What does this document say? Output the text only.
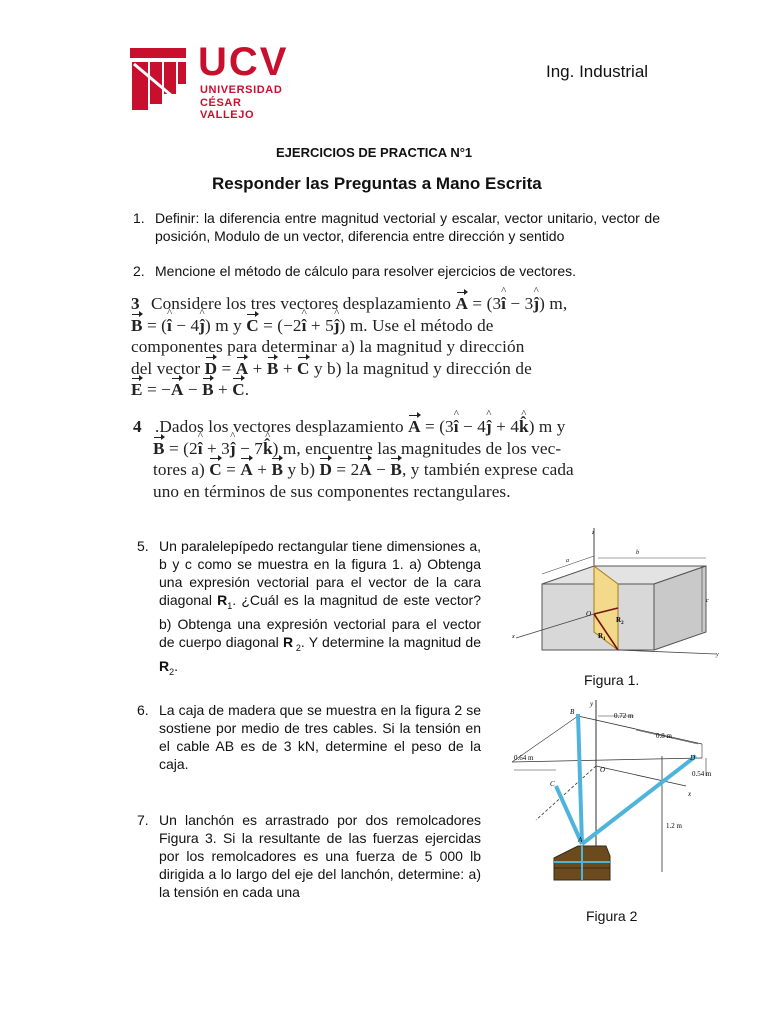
UCV
UNIVERSIDAD
CÉSAR VALLEJO
Ing. Industrial
EJERCICIOS DE PRACTICA N°1
Responder las Preguntas a Mano Escrita
1. Definir: la diferencia entre magnitud vectorial y escalar, vector unitario, vector de posición, Modulo de un vector, diferencia entre dirección y sentido
2. Mencione el método de cálculo para resolver ejercicios de vectores.
3 Considere los tres vectores desplazamiento A = (3^ î − 3^ ĵ) m,
B = (^ î − 4^ ĵ) m y C = (−2^ î + 5^ ĵ) m. Use el método de
componentes para determinar a) la magnitud y dirección
del vector D = A + B + C y b) la magnitud y dirección de
E = −A − B + C.
4 .Dados los vectores desplazamiento A = (3^ î − 4^ ĵ + 4^ k̂) m y
B = (2^ î + 3^ ĵ − 7^ k̂) m, encuentre las magnitudes de los vec-
tores a) C = A + B y b) D = 2A − B, y también exprese cada
uno en términos de sus componentes rectangulares.
5. Un paralelepípedo rectangular tiene dimensiones a, b y c como se muestra en la figura 1. a) Obtenga una expresión vectorial para el vector de la cara diagonal $R_1$. ¿Cuál es la magnitud de este vector? b) Obtenga una expresión vectorial para el vector de cuerpo diagonal R $_2$. Y determine la magnitud de $R_2$.
z
a
b
c
x
y
O
$R_2$
$R_1$
Figura 1.
6. La caja de madera que se muestra en la figura 2 se sostiene por medio de tres cables. Si la tensión en el cable AB es de 3 kN, determine el peso de la caja.
7. Un lanchón es arrastrado por dos remolcadores Figura 3. Si la resultante de las fuerzas ejercidas por los remolcadores es una fuerza de 5 000 lb dirigida a lo largo del eje del lanchón, determine: a) la tensión en cada una
y
B	0.72 m
0.8 m
0.64 m
O
D
0.54 m
C
x
1.2 m
A
Figura 2
